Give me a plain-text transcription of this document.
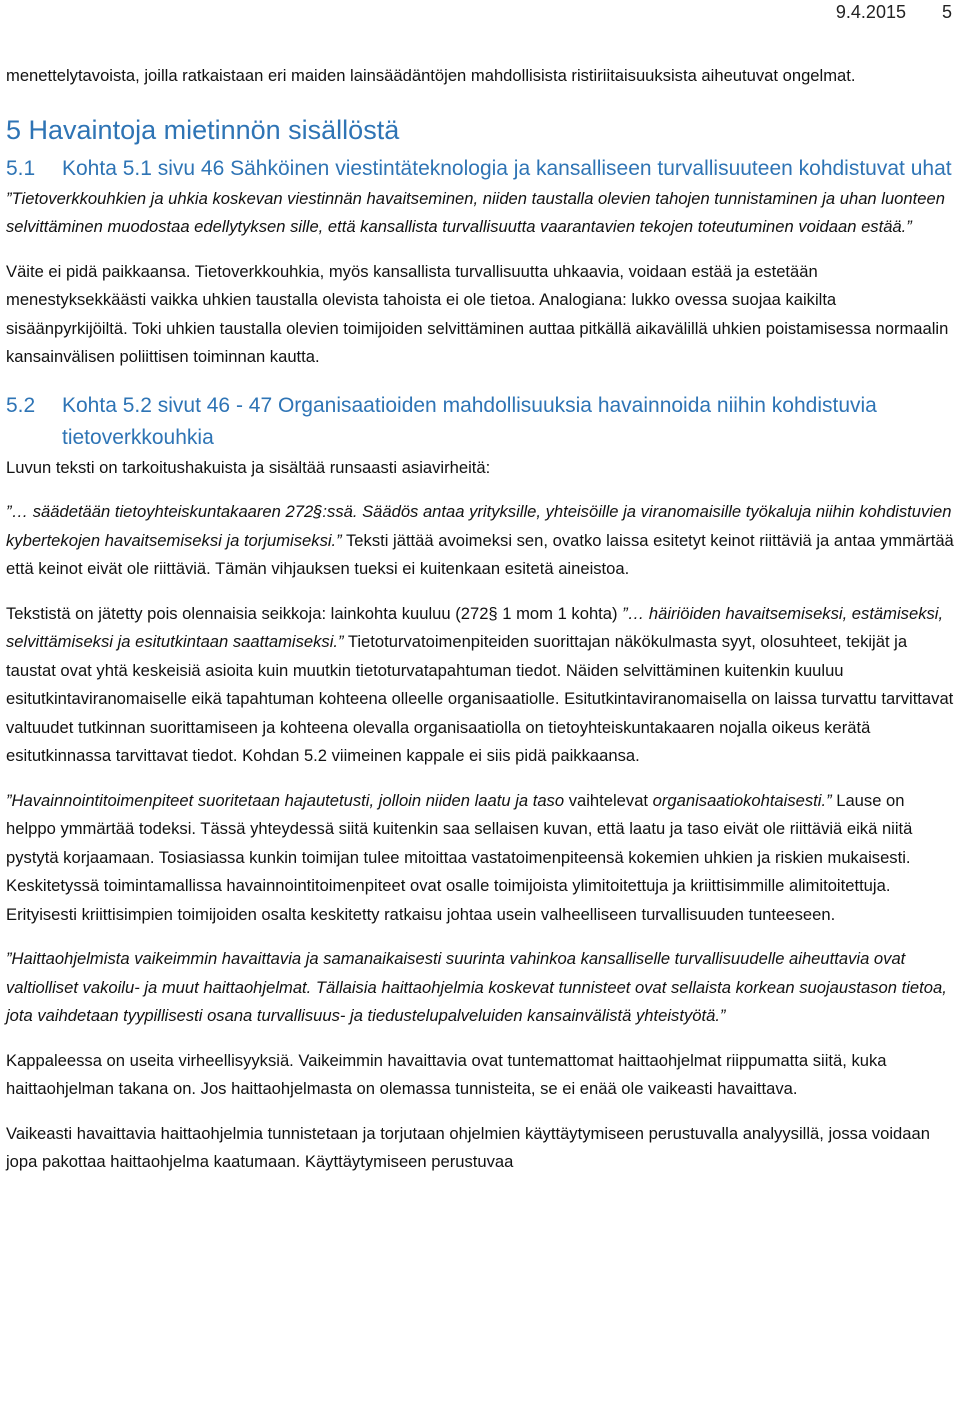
9.4.2015 5

menettelytavoista, joilla ratkaistaan eri maiden lainsäädäntöjen mahdollisista ristiriitaisuuksista aiheutuvat ongelmat.

5 Havaintoja mietinnön sisällöstä
5.1	Kohta 5.1 sivu 46 Sähköinen viestintäteknologia ja kansalliseen turvallisuuteen kohdistuvat uhat

”Tietoverkkouhkien ja uhkia koskevan viestinnän havaitseminen, niiden taustalla olevien tahojen tunnistaminen ja uhan luonteen selvittäminen muodostaa edellytyksen sille, että kansallista turvallisuutta vaarantavien tekojen toteutuminen voidaan estää.”

Väite ei pidä paikkaansa. Tietoverkkouhkia, myös kansallista turvallisuutta uhkaavia, voidaan estää ja estetään menestyksekkäästi vaikka uhkien taustalla olevista tahoista ei ole tietoa. Analogiana: lukko ovessa suojaa kaikilta sisäänpyrkijöiltä. Toki uhkien taustalla olevien toimijoiden selvittäminen auttaa pitkällä aikavälillä uhkien poistamisessa normaalin kansainvälisen poliittisen toiminnan kautta.

5.2	Kohta 5.2 sivut 46 - 47 Organisaatioiden mahdollisuuksia havainnoida niihin kohdistuvia tietoverkkouhkia

Luvun teksti on tarkoitushakuista ja sisältää runsaasti asiavirheitä:

”… säädetään tietoyhteiskuntakaaren 272§:ssä. Säädös antaa yrityksille, yhteisöille ja viranomaisille työkaluja niihin kohdistuvien kybertekojen havaitsemiseksi ja torjumiseksi.” Teksti jättää avoimeksi sen, ovatko laissa esitetyt keinot riittäviä ja antaa ymmärtää että keinot eivät ole riittäviä. Tämän vihjauksen tueksi ei kuitenkaan esitetä aineistoa.

Tekstistä on jätetty pois olennaisia seikkoja: lainkohta kuuluu (272§ 1 mom 1 kohta) ”… häiriöiden havaitsemiseksi, estämiseksi, selvittämiseksi ja esitutkintaan saattamiseksi.” Tietoturvatoimenpiteiden suorittajan näkökulmasta syyt, olosuhteet, tekijät ja taustat ovat yhtä keskeisiä asioita kuin muutkin tietoturvatapahtuman tiedot. Näiden selvittäminen kuitenkin kuuluu esitutkintaviranomaiselle eikä tapahtuman kohteena olleelle organisaatiolle. Esitutkintaviranomaisella on laissa turvattu tarvittavat valtuudet tutkinnan suorittamiseen ja kohteena olevalla organisaatiolla on tietoyhteiskuntakaaren nojalla oikeus kerätä esitutkinnassa tarvittavat tiedot. Kohdan 5.2 viimeinen kappale ei siis pidä paikkaansa.

”Havainnointitoimenpiteet suoritetaan hajautetusti, jolloin niiden laatu ja taso vaihtelevat organisaatiokohtaisesti.” Lause on helppo ymmärtää todeksi. Tässä yhteydessä siitä kuitenkin saa sellaisen kuvan, että laatu ja taso eivät ole riittäviä eikä niitä pystytä korjaamaan. Tosiasiassa kunkin toimijan tulee mitoittaa vastatoimenpiteensä kokemien uhkien ja riskien mukaisesti. Keskitetyssä toimintamallissa havainnointitoimenpiteet ovat osalle toimijoista ylimitoitettuja ja kriittisimmille alimitoitettuja. Erityisesti kriittisimpien toimijoiden osalta keskitetty ratkaisu johtaa usein valheelliseen turvallisuuden tunteeseen.

”Haittaohjelmista vaikeimmin havaittavia ja samanaikaisesti suurinta vahinkoa kansalliselle turvallisuudelle aiheuttavia ovat valtiolliset vakoilu- ja muut haittaohjelmat. Tällaisia haittaohjelmia koskevat tunnisteet ovat sellaista korkean suojaustason tietoa, jota vaihdetaan tyypillisesti osana turvallisuus- ja tiedustelupalveluiden kansainvälistä yhteistyötä.”

Kappaleessa on useita virheellisyyksiä. Vaikeimmin havaittavia ovat tuntemattomat haittaohjelmat riippumatta siitä, kuka haittaohjelman takana on. Jos haittaohjelmasta on olemassa tunnisteita, se ei enää ole vaikeasti havaittava.

Vaikeasti havaittavia haittaohjelmia tunnistetaan ja torjutaan ohjelmien käyttäytymiseen perustuvalla analyysillä, jossa voidaan jopa pakottaa haittaohjelma kaatumaan. Käyttäytymiseen perustuvaa
